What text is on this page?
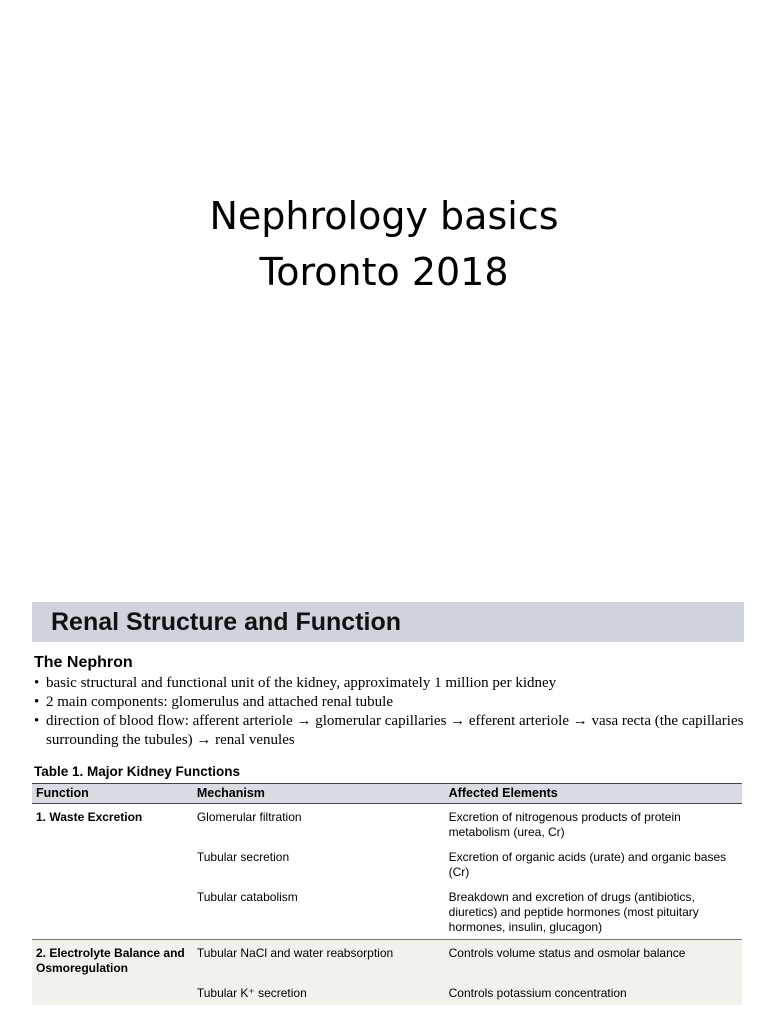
Nephrology basics
Toronto 2018
Renal Structure and Function
The Nephron
• basic structural and functional unit of the kidney, approximately 1 million per kidney
• 2 main components: glomerulus and attached renal tubule
• direction of blood flow: afferent arteriole → glomerular capillaries → efferent arteriole → vasa recta (the capillaries surrounding the tubules) → renal venules
Table 1. Major Kidney Functions
Function	Mechanism	Affected Elements
1. Waste Excretion	Glomerular filtration	Excretion of nitrogenous products of protein metabolism (urea, Cr)
	Tubular secretion	Excretion of organic acids (urate) and organic bases (Cr)
	Tubular catabolism	Breakdown and excretion of drugs (antibiotics, diuretics) and peptide hormones (most pituitary hormones, insulin, glucagon)
2. Electrolyte Balance and Osmoregulation	Tubular NaCl and water reabsorption	Controls volume status and osmolar balance
	Tubular K⁺ secretion	Controls potassium concentration
